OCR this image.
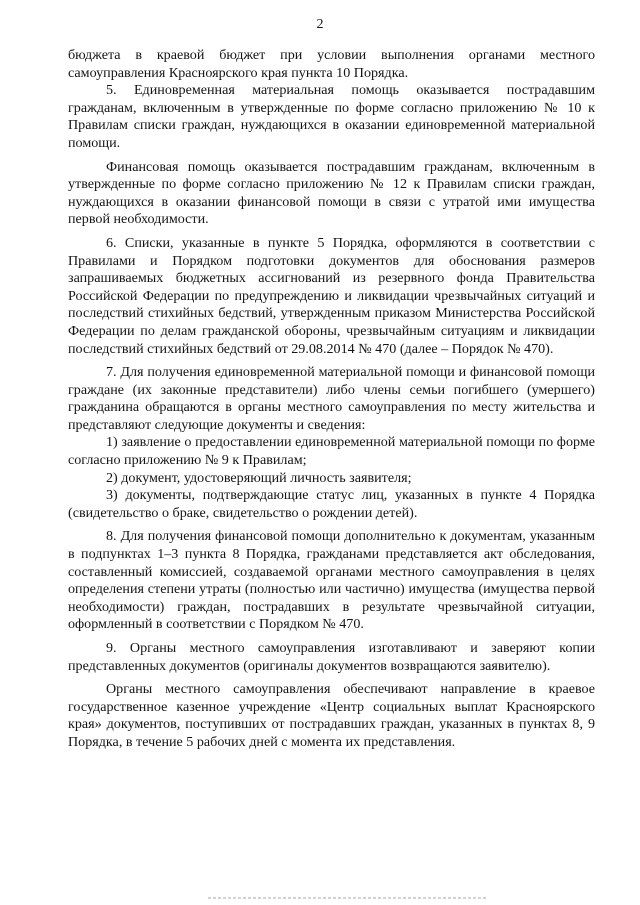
2

бюджета в краевой бюджет при условии выполнения органами местного самоуправления Красноярского края пункта 10 Порядка.

5. Единовременная материальная помощь оказывается пострадавшим гражданам, включенным в утвержденные по форме согласно приложению № 10 к Правилам списки граждан, нуждающихся в оказании единовременной материальной помощи.

Финансовая помощь оказывается пострадавшим гражданам, включенным в утвержденные по форме согласно приложению № 12 к Правилам списки граждан, нуждающихся в оказании финансовой помощи в связи с утратой ими имущества первой необходимости.

6. Списки, указанные в пункте 5 Порядка, оформляются в соответствии с Правилами и Порядком подготовки документов для обоснования размеров запрашиваемых бюджетных ассигнований из резервного фонда Правительства Российской Федерации по предупреждению и ликвидации чрезвычайных ситуаций и последствий стихийных бедствий, утвержденным приказом Министерства Российской Федерации по делам гражданской обороны, чрезвычайным ситуациям и ликвидации последствий стихийных бедствий от 29.08.2014 № 470 (далее – Порядок № 470).

7. Для получения единовременной материальной помощи и финансовой помощи граждане (их законные представители) либо члены семьи погибшего (умершего) гражданина обращаются в органы местного самоуправления по месту жительства и представляют следующие документы и сведения:

1) заявление о предоставлении единовременной материальной помощи по форме согласно приложению № 9 к Правилам;

2) документ, удостоверяющий личность заявителя;

3) документы, подтверждающие статус лиц, указанных в пункте 4 Порядка (свидетельство о браке, свидетельство о рождении детей).

8. Для получения финансовой помощи дополнительно к документам, указанным в подпунктах 1–3 пункта 8 Порядка, гражданами представляется акт обследования, составленный комиссией, создаваемой органами местного самоуправления в целях определения степени утраты (полностью или частично) имущества (имущества первой необходимости) граждан, пострадавших в результате чрезвычайной ситуации, оформленный в соответствии с Порядком № 470.

9. Органы местного самоуправления изготавливают и заверяют копии представленных документов (оригиналы документов возвращаются заявителю).

Органы местного самоуправления обеспечивают направление в краевое государственное казенное учреждение «Центр социальных выплат Красноярского края» документов, поступивших от пострадавших граждан, указанных в пунктах 8, 9 Порядка, в течение 5 рабочих дней с момента их представления.
